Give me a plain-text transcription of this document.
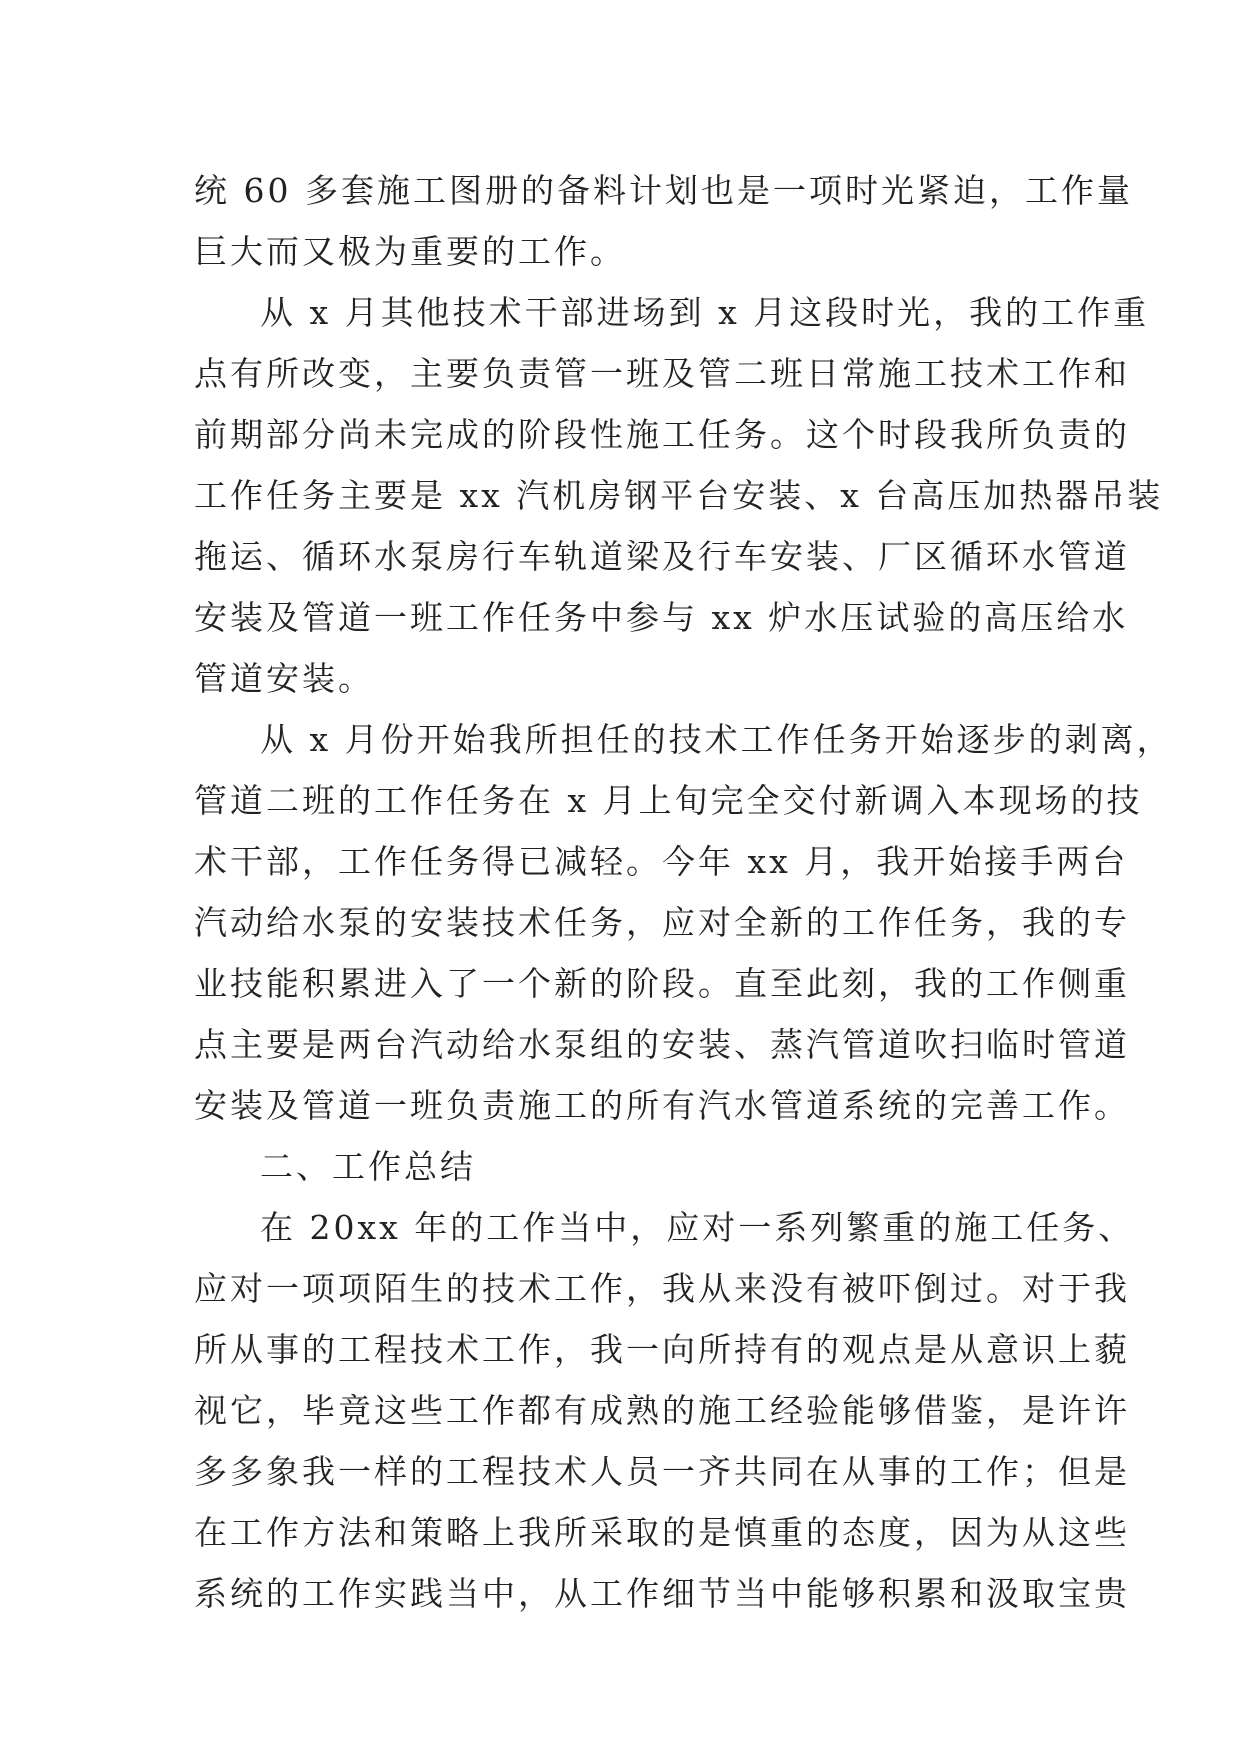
统 60 多套施工图册的备料计划也是一项时光紧迫，工作量
巨大而又极为重要的工作。
从 x 月其他技术干部进场到 x 月这段时光，我的工作重
点有所改变，主要负责管一班及管二班日常施工技术工作和
前期部分尚未完成的阶段性施工任务。这个时段我所负责的
工作任务主要是 xx 汽机房钢平台安装、x 台高压加热器吊装
拖运、循环水泵房行车轨道梁及行车安装、厂区循环水管道
安装及管道一班工作任务中参与 xx 炉水压试验的高压给水
管道安装。
从 x 月份开始我所担任的技术工作任务开始逐步的剥离，
管道二班的工作任务在 x 月上旬完全交付新调入本现场的技
术干部，工作任务得已减轻。今年 xx 月，我开始接手两台
汽动给水泵的安装技术任务，应对全新的工作任务，我的专
业技能积累进入了一个新的阶段。直至此刻，我的工作侧重
点主要是两台汽动给水泵组的安装、蒸汽管道吹扫临时管道
安装及管道一班负责施工的所有汽水管道系统的完善工作。
二、工作总结
在 20xx 年的工作当中，应对一系列繁重的施工任务、
应对一项项陌生的技术工作，我从来没有被吓倒过。对于我
所从事的工程技术工作，我一向所持有的观点是从意识上藐
视它，毕竟这些工作都有成熟的施工经验能够借鉴，是许许
多多象我一样的工程技术人员一齐共同在从事的工作；但是
在工作方法和策略上我所采取的是慎重的态度，因为从这些
系统的工作实践当中，从工作细节当中能够积累和汲取宝贵
